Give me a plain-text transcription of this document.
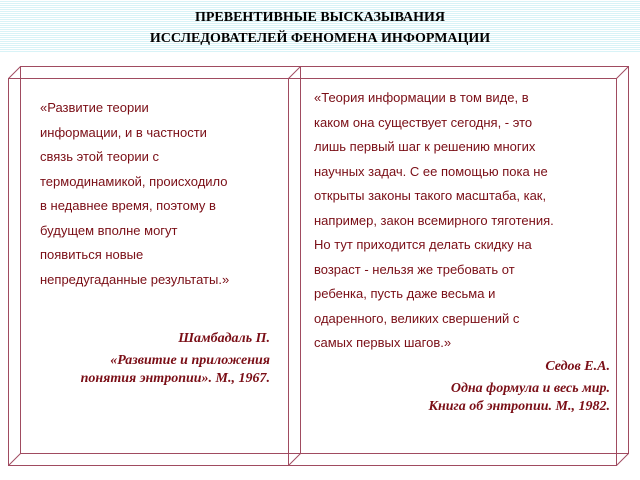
ПРЕВЕНТИВНЫЕ ВЫСКАЗЫВАНИЯ
ИССЛЕДОВАТЕЛЕЙ ФЕНОМЕНА ИНФОРМАЦИИ
«Развитие теории
информации, и в частности
связь этой теории с
термодинамикой, происходило
в недавнее время, поэтому в
будущем вполне могут
появиться новые
непредугаданные результаты.»
Шамбадаль П.
«Развитие и приложения
понятия энтропии». М., 1967.
«Теория информации в том виде, в
каком она существует сегодня, - это
лишь первый шаг к решению многих
научных задач. С ее помощью пока не
открыты законы такого масштаба, как,
например, закон всемирного тяготения.
Но тут приходится делать скидку на
возраст - нельзя же требовать от
ребенка, пусть даже весьма и
одаренного, великих свершений с
самых первых шагов.»
Седов Е.А.
Одна формула и весь мир.
Книга об энтропии. М., 1982.
